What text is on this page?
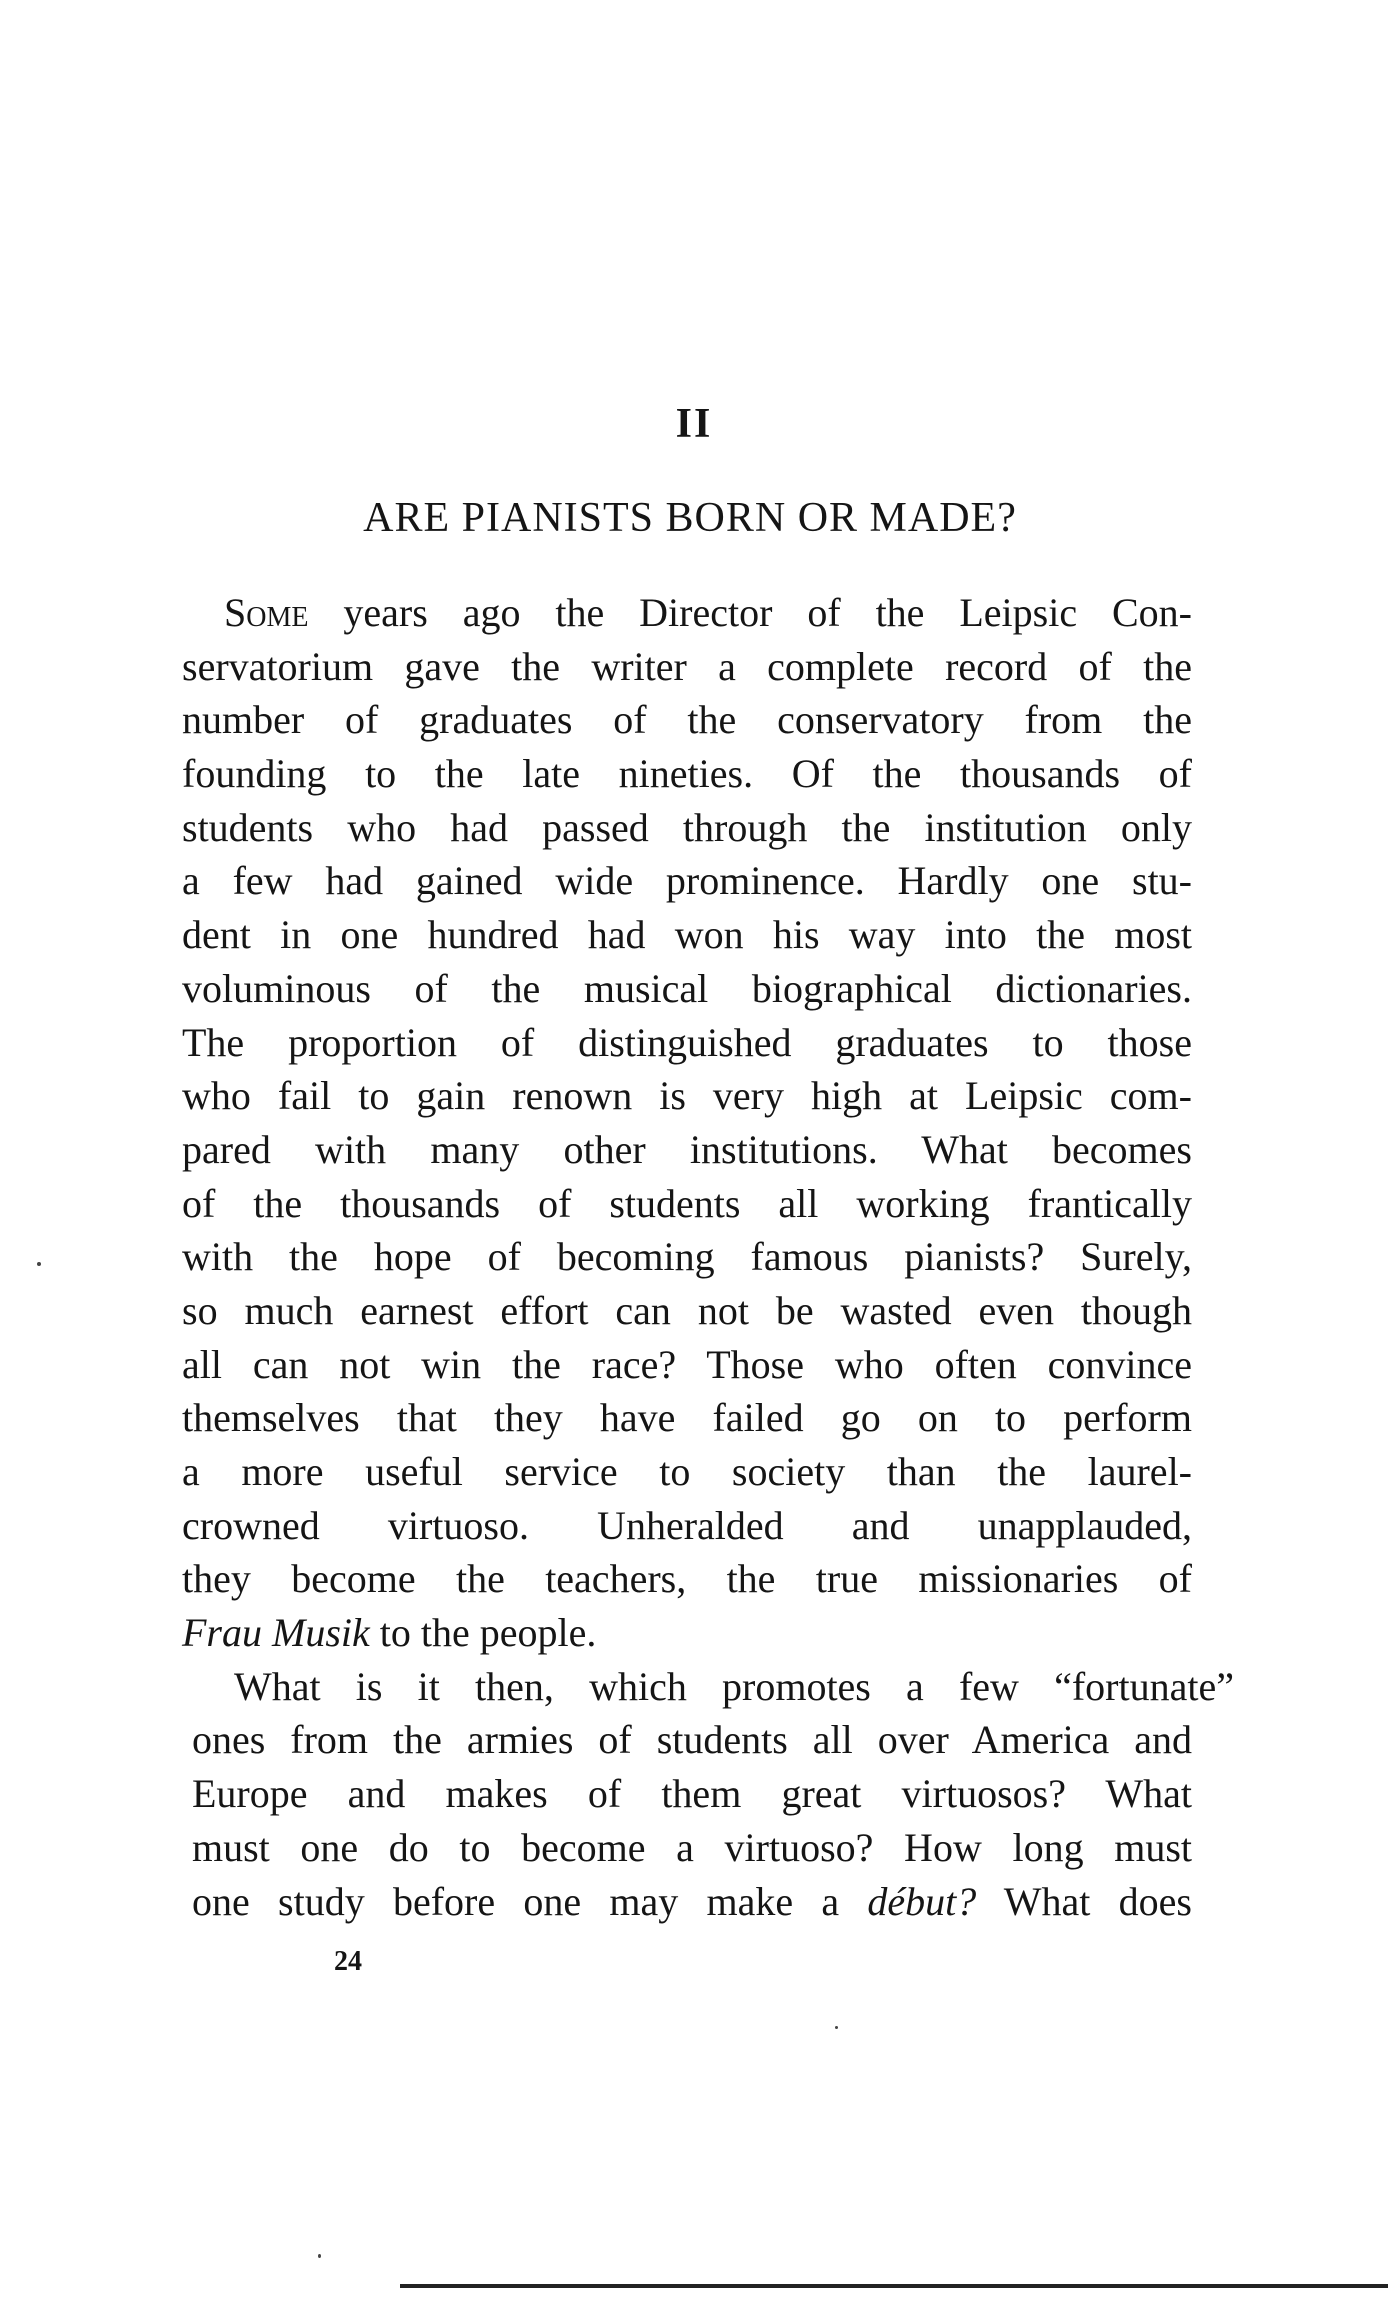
II
ARE PIANISTS BORN OR MADE?
Some years ago the Director of the Leipsic Con-
servatorium gave the writer a complete record of the
number of graduates of the conservatory from the
founding to the late nineties. Of the thousands of
students who had passed through the institution only
a few had gained wide prominence. Hardly one stu-
dent in one hundred had won his way into the most
voluminous of the musical biographical dictionaries.
The proportion of distinguished graduates to those
who fail to gain renown is very high at Leipsic com-
pared with many other institutions. What becomes
of the thousands of students all working frantically
with the hope of becoming famous pianists? Surely,
so much earnest effort can not be wasted even though
all can not win the race? Those who often convince
themselves that they have failed go on to perform
a more useful service to society than the laurel-
crowned virtuoso. Unheralded and unapplauded,
they become the teachers, the true missionaries of
Frau Musik to the people.
What is it then, which promotes a few “fortunate”
ones from the armies of students all over America and
Europe and makes of them great virtuosos? What
must one do to become a virtuoso? How long must
one study before one may make a début? What does
24
